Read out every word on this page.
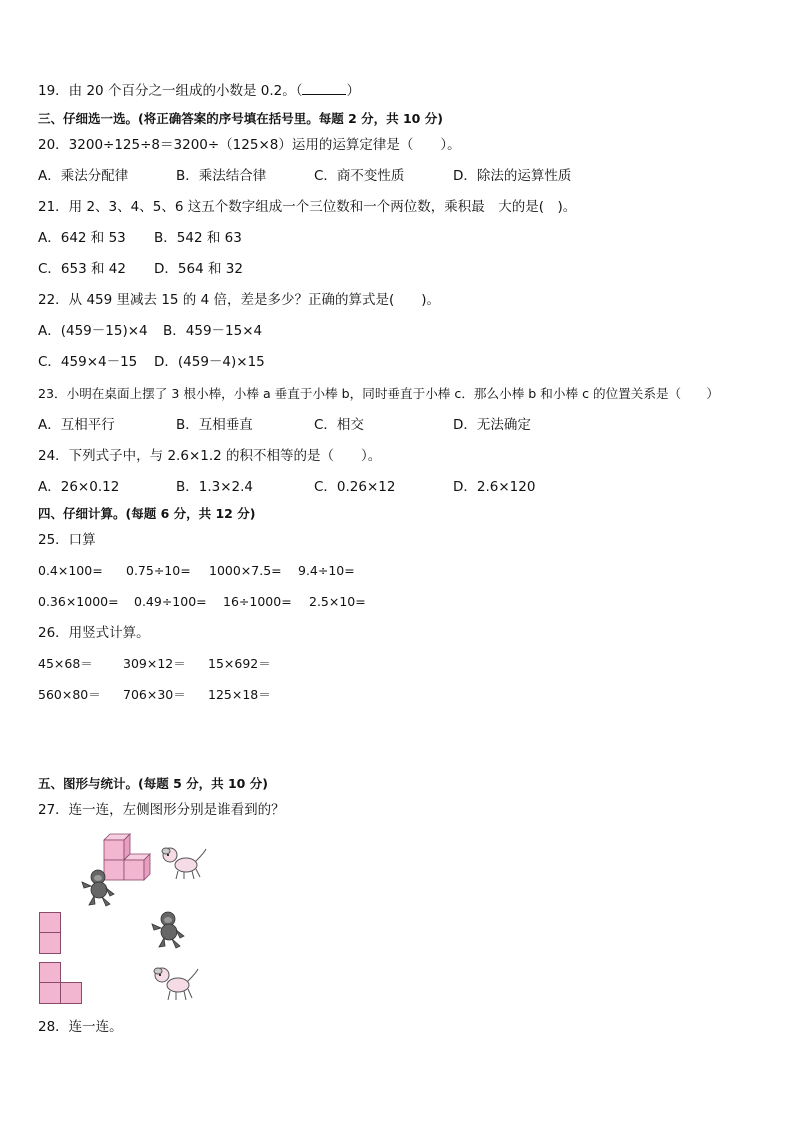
19．由 20 个百分之一组成的小数是 0.2。（	）
三、仔细选一选。(将正确答案的序号填在括号里。每题 2 分，共 10 分)
20．3200÷125÷8＝3200÷（125×8）运用的运算定律是（　　）。
A．乘法分配律	B．乘法结合律	C．商不变性质	D．除法的运算性质
21．用 2、3、4、5、6 这五个数字组成一个三位数和一个两位数，乘积最　大的是(　)。
A．642 和 53 B．542 和 63
C．653 和 42 D．564 和 32
22．从 459 里减去 15 的 4 倍，差是多少？正确的算式是(　　)。
A．(459－15)×4 B．459－15×4
C．459×4－15 D．(459－4)×15
23．小明在桌面上摆了 3 根小棒，小棒 a 垂直于小棒 b，同时垂直于小棒 c．那么小棒 b 和小棒 c 的位置关系是（　　）
A．互相平行	B．互相垂直	C．相交	D．无法确定
24．下列式子中，与 2.6×1.2 的积不相等的是（　　）。
A．26×0.12	B．1.3×2.4	C．0.26×12	D．2.6×120
四、仔细计算。(每题 6 分，共 12 分)
25．口算
0.4×100= 0.75÷10= 1000×7.5= 9.4÷10=
0.36×1000= 0.49÷100= 16÷1000= 2.5×10=
26．用竖式计算。
45×68＝ 309×12＝ 15×692＝
560×80＝ 706×30＝ 125×18＝
五、图形与统计。(每题 5 分，共 10 分)
27．连一连，左侧图形分别是谁看到的？
28．连一连。
